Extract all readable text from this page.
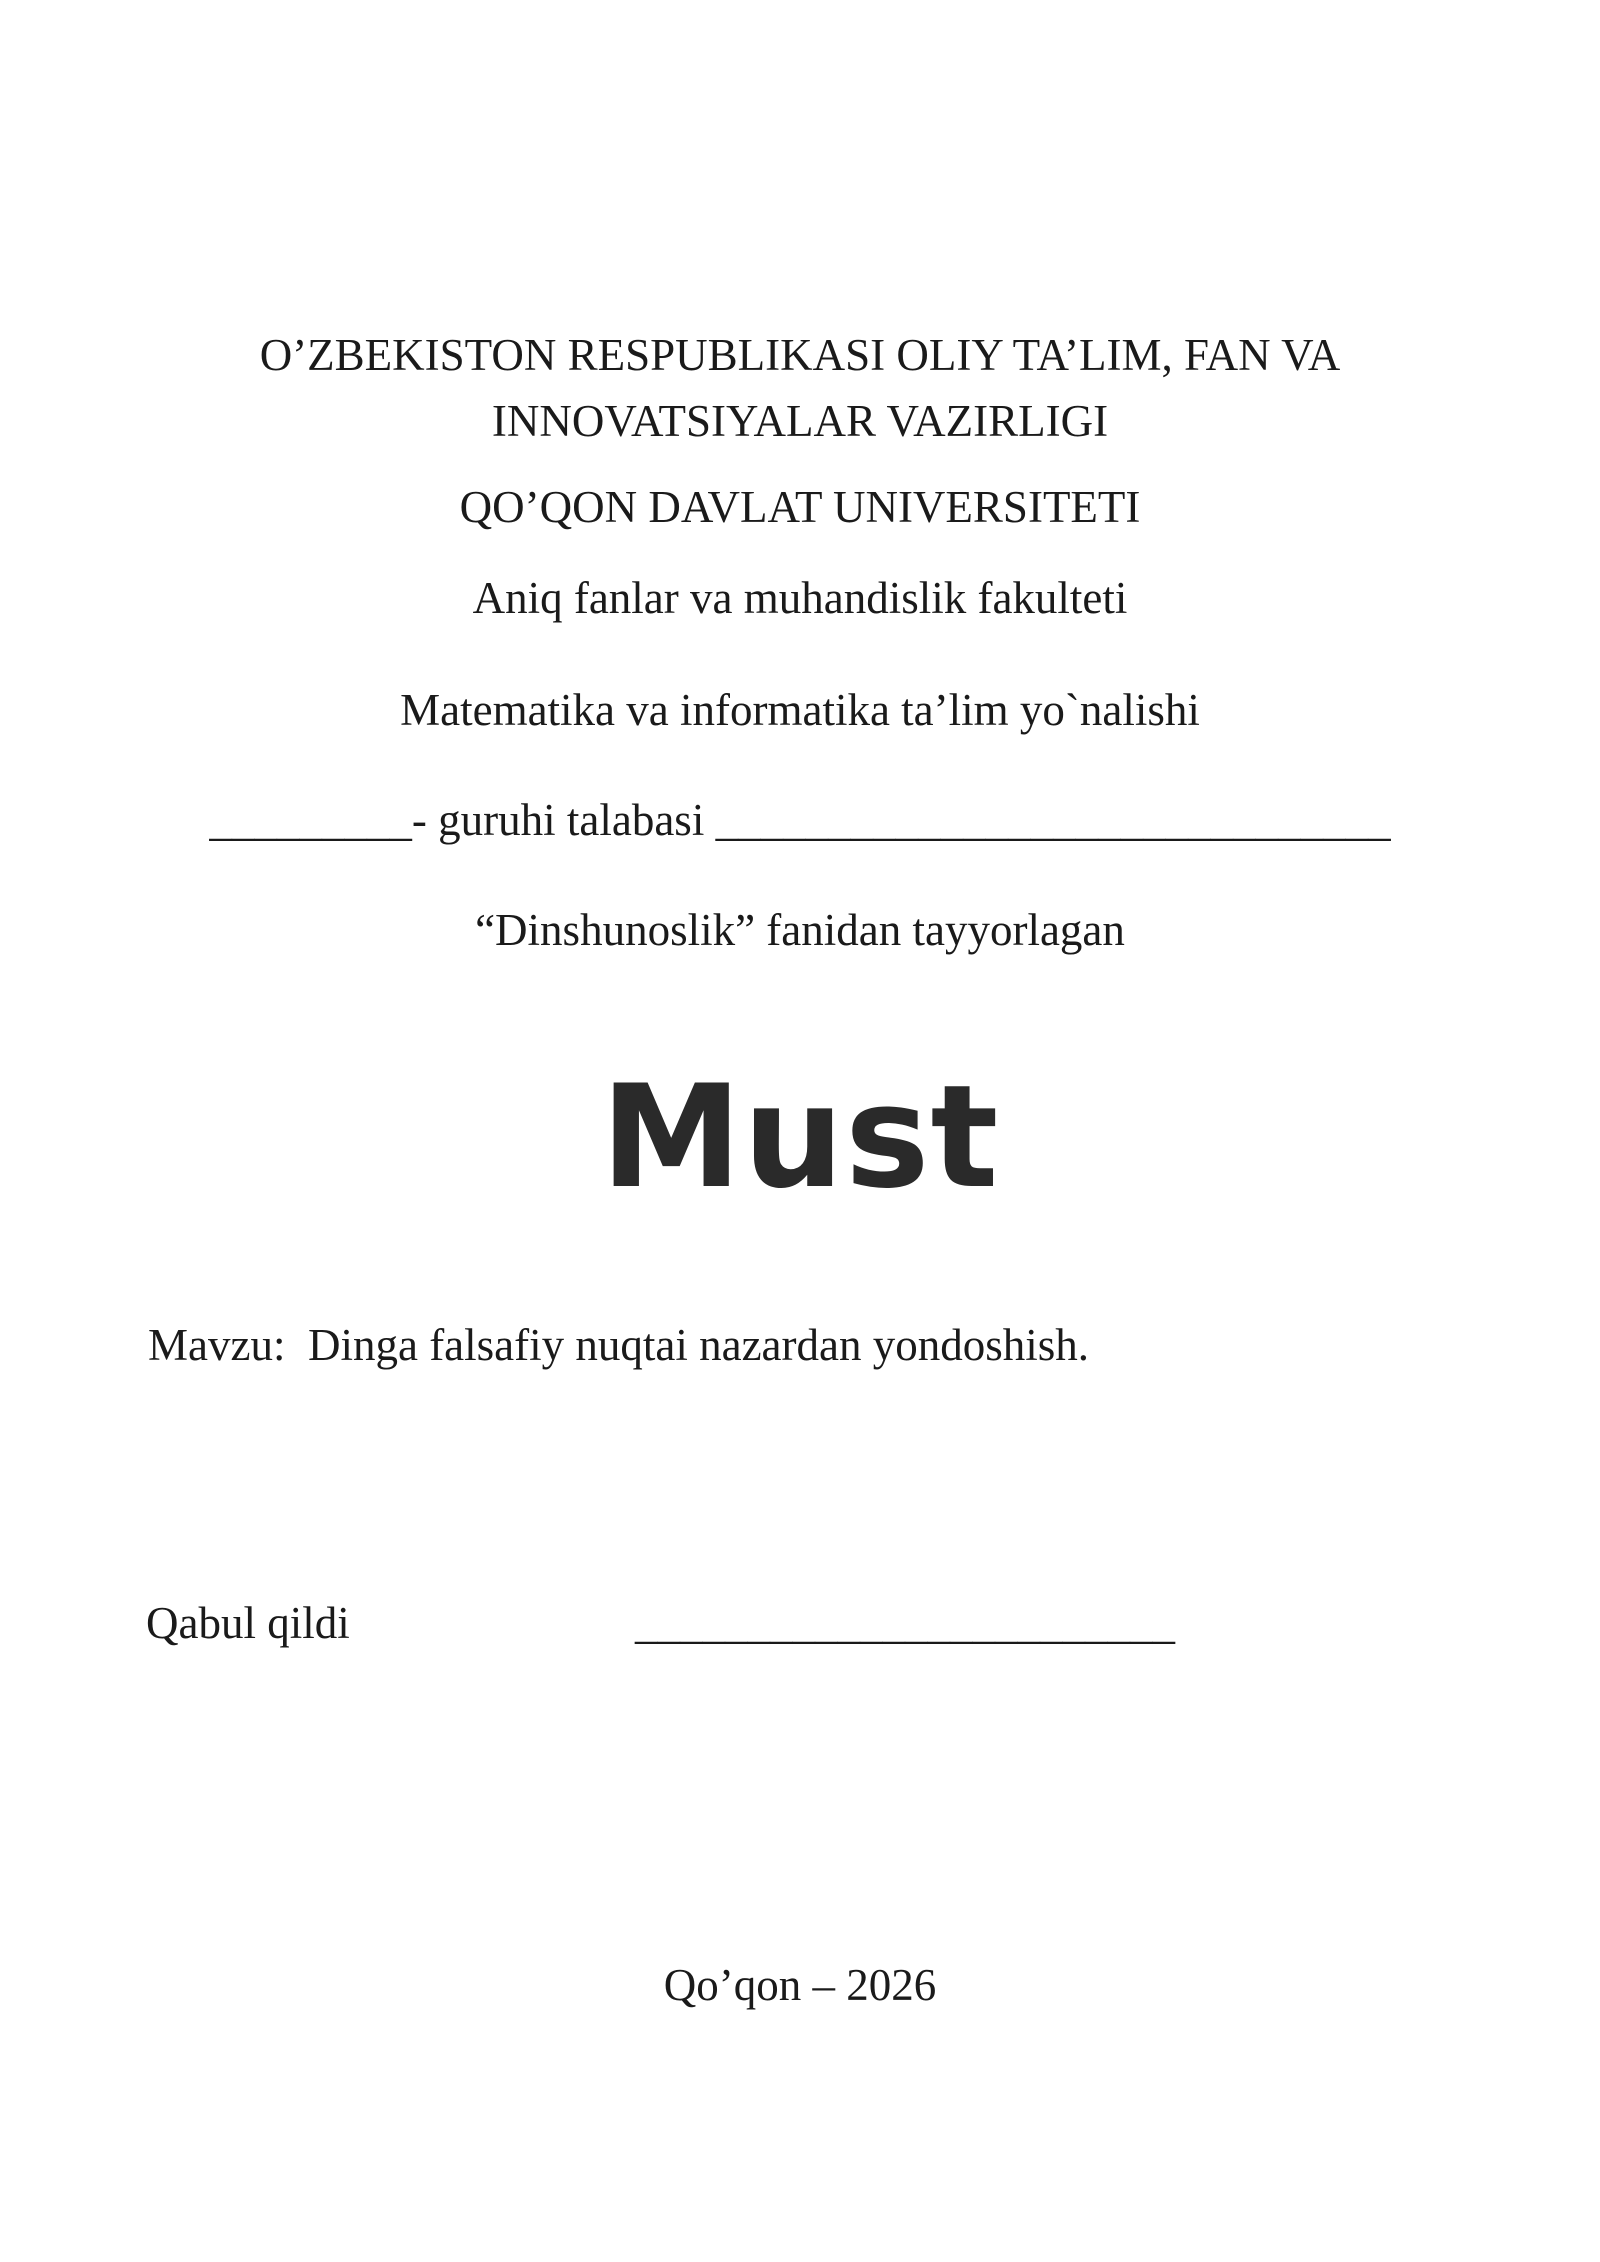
O’ZBEKISTON RESPUBLIKASI OLIY TA’LIM, FAN VA
INNOVATSIYALAR VAZIRLIGI
QO’QON DAVLAT UNIVERSITETI
Aniq fanlar va muhandislik fakulteti
Matematika va informatika ta’lim yo`nalishi
_________- guruhi talabasi ______________________________
“Dinshunoslik” fanidan tayyorlagan
Must
Mavzu: Dinga falsafiy nuqtai nazardan yondoshish.
Qabul qildi	________________________
Qo’qon – 2026
